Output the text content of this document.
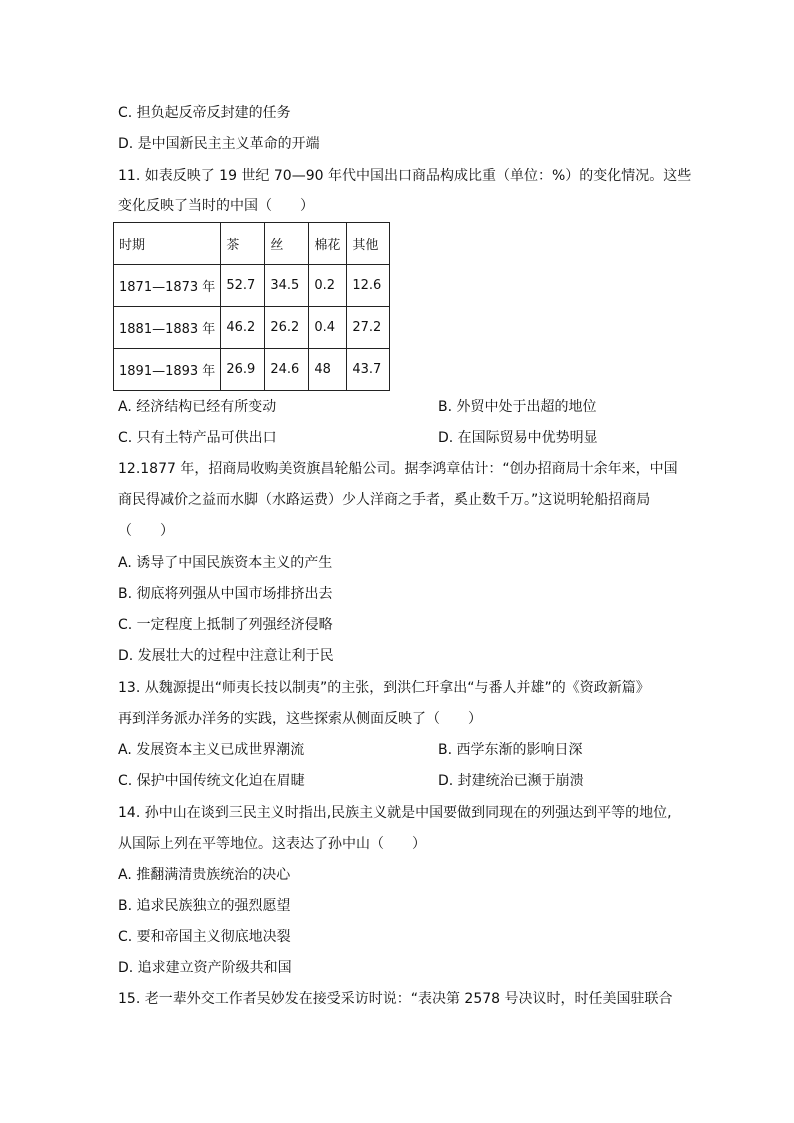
C. 担负起反帝反封建的任务
D. 是中国新民主主义革命的开端
11. 如表反映了 19 世纪 70—90 年代中国出口商品构成比重（单位：%）的变化情况。这些
变化反映了当时的中国（　　）
时期	茶	丝	棉花	其他
1871—1873 年	52.7	34.5	0.2	12.6
1881—1883 年	46.2	26.2	0.4	27.2
1891—1893 年	26.9	24.6	48	43.7
A. 经济结构已经有所变动	B. 外贸中处于出超的地位
C. 只有土特产品可供出口	D. 在国际贸易中优势明显
12.1877 年，招商局收购美资旗昌轮船公司。据李鸿章估计：“创办招商局十余年来，中国
商民得减价之益而水脚（水路运费）少人洋商之手者，奚止数千万。”这说明轮船招商局
（　　）
A. 诱导了中国民族资本主义的产生
B. 彻底将列强从中国市场排挤出去
C. 一定程度上抵制了列强经济侵略
D. 发展壮大的过程中注意让利于民
13. 从魏源提出“师夷长技以制夷”的主张，到洪仁玕拿出“与番人并雄”的《资政新篇》
再到洋务派办洋务的实践，这些探索从侧面反映了（　　）
A. 发展资本主义已成世界潮流	B. 西学东渐的影响日深
C. 保护中国传统文化迫在眉睫	D. 封建统治已濒于崩溃
14. 孙中山在谈到三民主义时指出,民族主义就是中国要做到同现在的列强达到平等的地位,
从国际上列在平等地位。这表达了孙中山（　　）
A. 推翻满清贵族统治的决心
B. 追求民族独立的强烈愿望
C. 要和帝国主义彻底地决裂
D. 追求建立资产阶级共和国
15. 老一辈外交工作者吴妙发在接受采访时说：“表决第 2578 号决议时，时任美国驻联合
